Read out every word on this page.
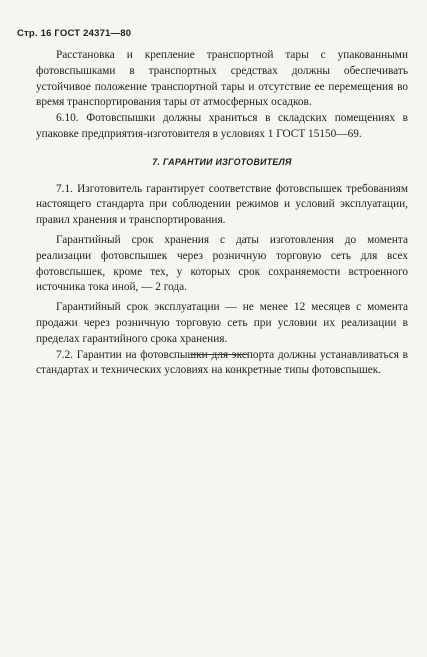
Стр. 16 ГОСТ 24371—80

Расстановка и крепление транспортной тары с упакованными фотовспышками в транспортных средствах должны обеспечивать устойчивое положение транспортной тары и отсутствие ее перемещения во время транспортирования тары от атмосферных осадков.

6.10. Фотовспышки должны храниться в складских помещениях в упаковке предприятия-изготовителя в условиях 1 ГОСТ 15150—69.

7. ГАРАНТИИ ИЗГОТОВИТЕЛЯ

7.1. Изготовитель гарантирует соответствие фотовспышек требованиям настоящего стандарта при соблюдении режимов и условий эксплуатации, правил хранения и транспортирования.

Гарантийный срок хранения с даты изготовления до момента реализации фотовспышек через розничную торговую сеть для всех фотовспышек, кроме тех, у которых срок сохраняемости встроенного источника тока иной, — 2 года.

Гарантийный срок эксплуатации — не менее 12 месяцев с момента продажи через розничную торговую сеть при условии их реализации в пределах гарантийного срока хранения.

7.2. Гарантии на фотовспышки для экспорта должны устанавливаться в стандартах и технических условиях на конкретные типы фотовспышек.
